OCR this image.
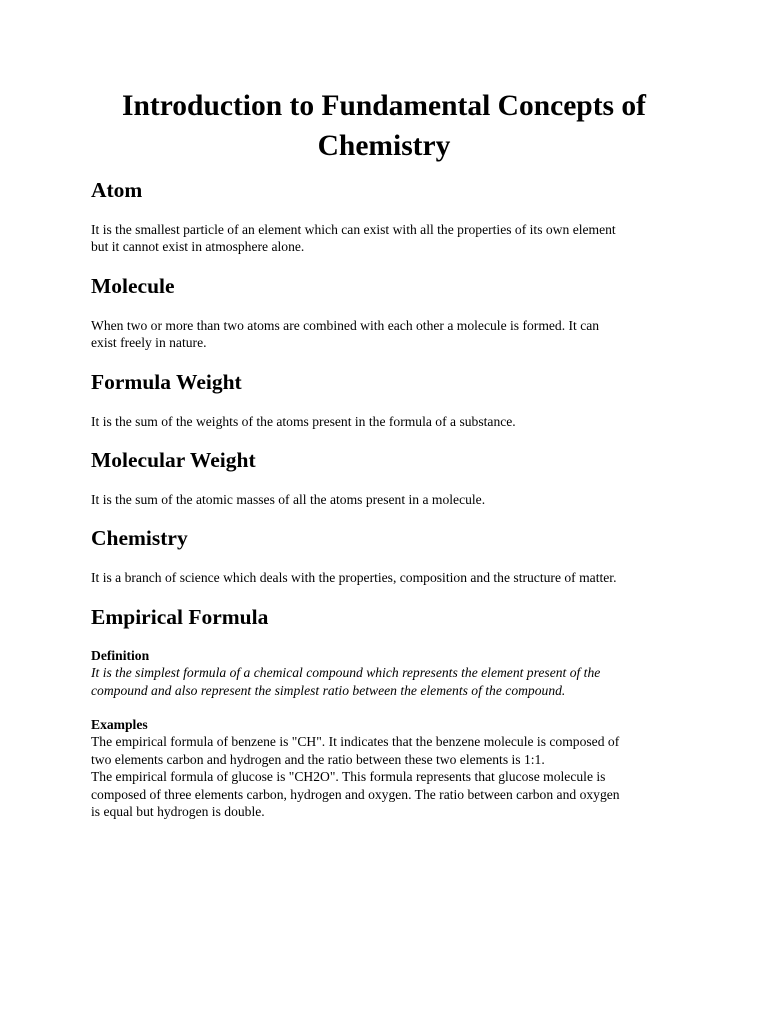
Introduction to Fundamental Concepts of
Chemistry
Atom

It is the smallest particle of an element which can exist with all the properties of its own element
but it cannot exist in atmosphere alone.

Molecule

When two or more than two atoms are combined with each other a molecule is formed. It can
exist freely in nature.

Formula Weight

It is the sum of the weights of the atoms present in the formula of a substance.

Molecular Weight

It is the sum of the atomic masses of all the atoms present in a molecule.

Chemistry

It is a branch of science which deals with the properties, composition and the structure of matter.

Empirical Formula

Definition
It is the simplest formula of a chemical compound which represents the element present of the
compound and also represent the simplest ratio between the elements of the compound.

Examples
The empirical formula of benzene is "CH". It indicates that the benzene molecule is composed of
two elements carbon and hydrogen and the ratio between these two elements is 1:1.
The empirical formula of glucose is "CH2O". This formula represents that glucose molecule is
composed of three elements carbon, hydrogen and oxygen. The ratio between carbon and oxygen
is equal but hydrogen is double.
